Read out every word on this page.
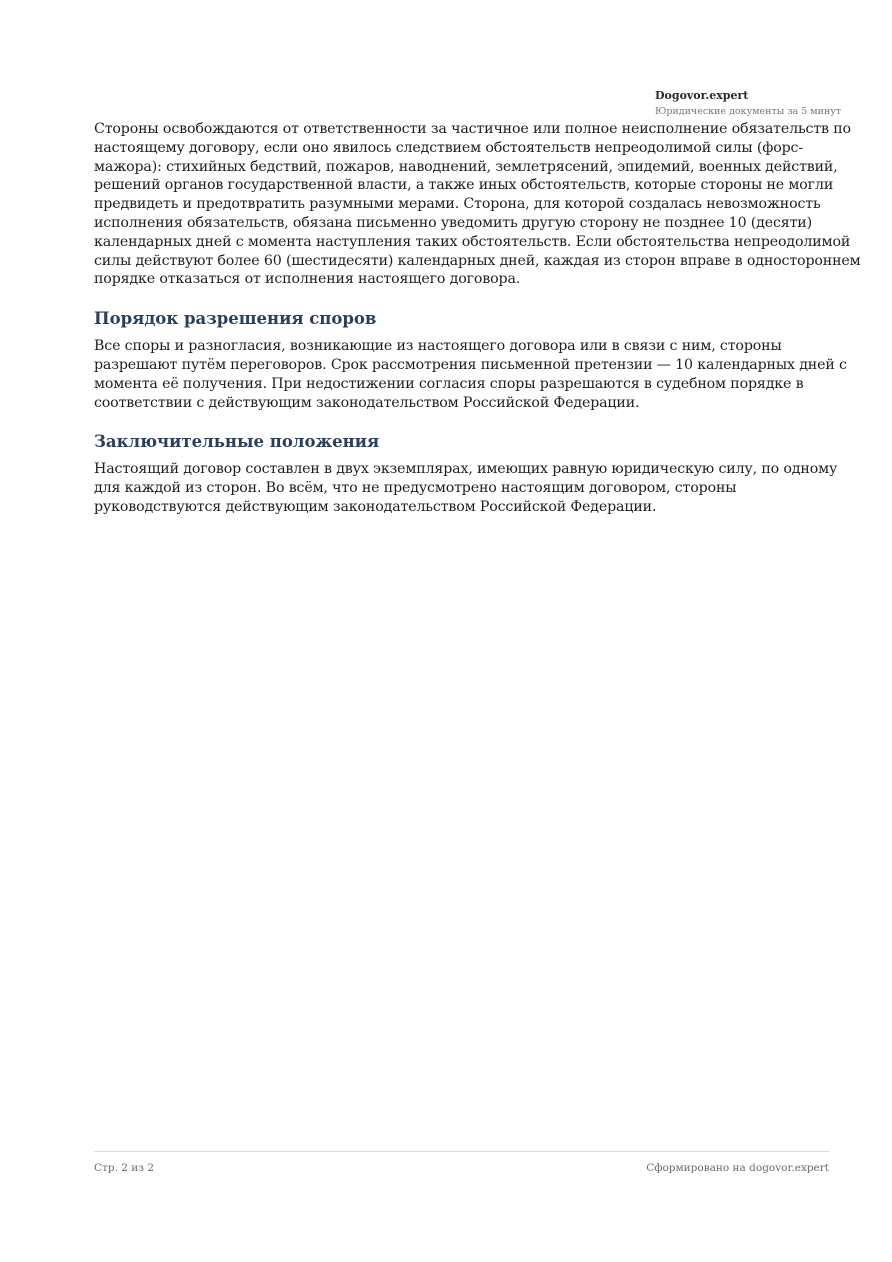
Dogovor.expert
Юридические документы за 5 минут

Стороны освобождаются от ответственности за частичное или полное неисполнение обязательств по настоящему договору, если оно явилось следствием обстоятельств непреодолимой силы (форс-мажора): стихийных бедствий, пожаров, наводнений, землетрясений, эпидемий, военных действий, решений органов государственной власти, а также иных обстоятельств, которые стороны не могли предвидеть и предотвратить разумными мерами. Сторона, для которой создалась невозможность исполнения обязательств, обязана письменно уведомить другую сторону не позднее 10 (десяти) календарных дней с момента наступления таких обстоятельств. Если обстоятельства непреодолимой силы действуют более 60 (шестидесяти) календарных дней, каждая из сторон вправе в одностороннем порядке отказаться от исполнения настоящего договора.

Порядок разрешения споров

Все споры и разногласия, возникающие из настоящего договора или в связи с ним, стороны разрешают путём переговоров. Срок рассмотрения письменной претензии — 10 календарных дней с момента её получения. При недостижении согласия споры разрешаются в судебном порядке в соответствии с действующим законодательством Российской Федерации.

Заключительные положения

Настоящий договор составлен в двух экземплярах, имеющих равную юридическую силу, по одному для каждой из сторон. Во всём, что не предусмотрено настоящим договором, стороны руководствуются действующим законодательством Российской Федерации.

Стр. 2 из 2	Сформировано на dogovor.expert
